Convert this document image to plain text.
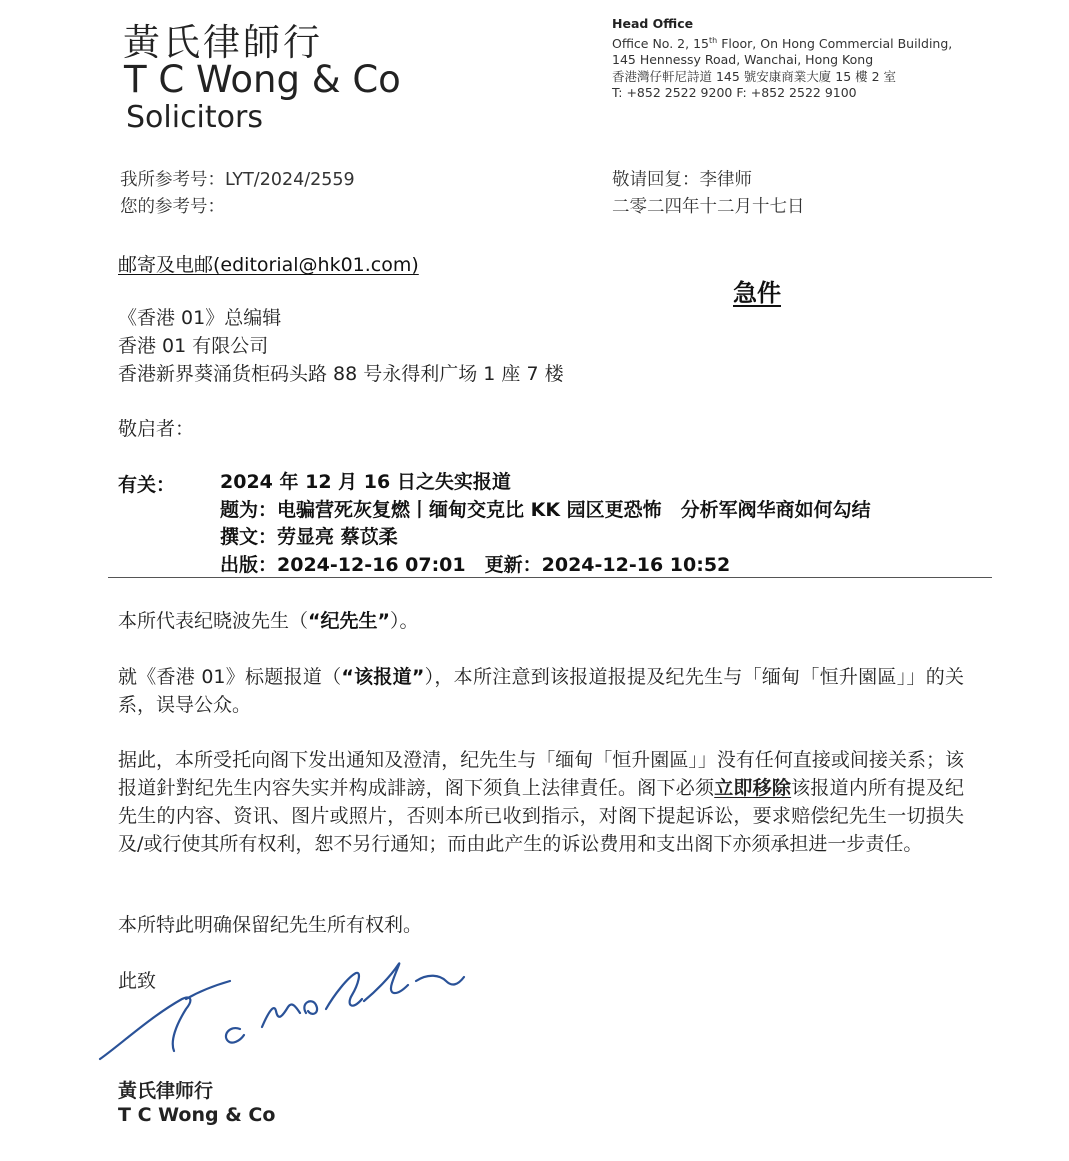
黃氏律師行
T C Wong & Co
Solicitors
Head Office
Office No. 2, 15th Floor, On Hong Commercial Building,
145 Hennessy Road, Wanchai, Hong Kong
香港灣仔軒尼詩道 145 號安康商業大廈 15 樓 2 室
T: +852 2522 9200 F: +852 2522 9100
我所参考号：LYT/2024/2559
您的参考号：
敬请回复：李律师
二零二四年十二月十七日
邮寄及电邮(editorial@hk01.com)
急件
《香港 01》总编辑
香港 01 有限公司
香港新界葵涌货柜码头路 88 号永得利广场 1 座 7 楼
敬启者：
有关： 2024 年 12 月 16 日之失实报道
题为：电骗营死灰复燃丨缅甸交克比 KK 园区更恐怖　分析军阀华商如何勾结
撰文：劳显亮 蔡苡柔
出版：2024-12-16 07:01　更新：2024-12-16 10:52
本所代表纪晓波先生（“纪先生”）。
就《香港 01》标题报道（“该报道”），本所注意到该报道报提及纪先生与「缅甸「恒升園區」」的关系，误导公众。
据此，本所受托向阁下发出通知及澄清，纪先生与「缅甸「恒升園區」」没有任何直接或间接关系；该报道針對纪先生内容失实并构成誹謗，阁下须負上法律責任。阁下必须立即移除该报道内所有提及纪先生的内容、资讯、图片或照片，否则本所已收到指示，对阁下提起诉讼，要求赔偿纪先生一切损失及/或行使其所有权利，恕不另行通知；而由此产生的诉讼费用和支出阁下亦须承担进一步责任。
本所特此明确保留纪先生所有权利。
此致
黃氏律师行
T C Wong & Co
